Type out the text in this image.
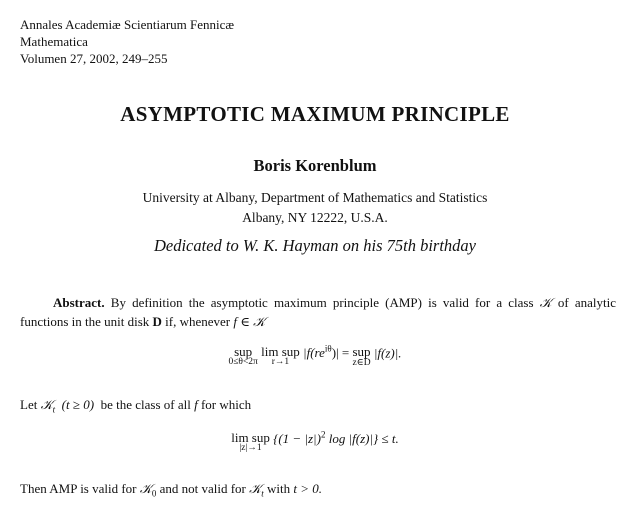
Annales Academiæ Scientiarum Fennicæ
Mathematica
Volumen 27, 2002, 249–255
ASYMPTOTIC MAXIMUM PRINCIPLE
Boris Korenblum
University at Albany, Department of Mathematics and Statistics
Albany, NY 12222, U.S.A.
Dedicated to W. K. Hayman on his 75th birthday
Abstract. By definition the asymptotic maximum principle (AMP) is valid for a class 𝒦 of analytic functions in the unit disk D if, whenever f ∈ 𝒦
sup
0≤θ<2π
lim sup
r→1
$|f(re^{i\theta})|$ = sup
z∈D
|f(z)|.
Let 𝒦$_t$  (t ≥ 0)  be the class of all f for which
lim sup
|z|→1
{$(1 - |z|)^2$ log |f(z)|} ≤ t.
Then AMP is valid for 𝒦$_0$ and not valid for 𝒦$_t$ with t > 0.
